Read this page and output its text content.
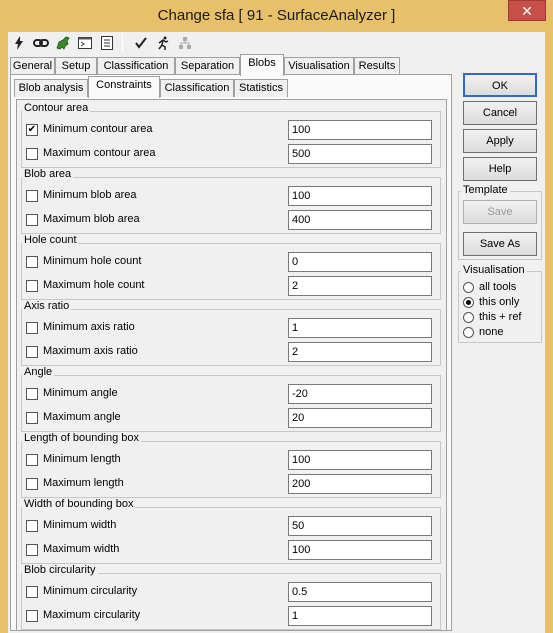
Change sfa [ 91 - SurfaceAnalyzer ]	✕
General Setup	Classification	Separation	Blobs	Visualisation Results
Blob analysis	Constraints	Classification Statistics
Contour area
✔ Minimum contour area
100
Maximum contour area
500
Blob area
Minimum blob area
100
Maximum blob area
400
Hole count
Minimum hole count
0
Maximum hole count
2
Axis ratio
Minimum axis ratio
1
Maximum axis ratio
2
Angle
Minimum angle
-20
Maximum angle
20
Length of bounding box
Minimum length
100
Maximum length
200
Width of bounding box
Minimum width
50
Maximum width
100
Blob circularity
Minimum circularity
0.5
Maximum circularity
1
OK
Cancel
Apply
Help
Template
Save
Save As
Visualisation
all tools
this only
this + ref
none
